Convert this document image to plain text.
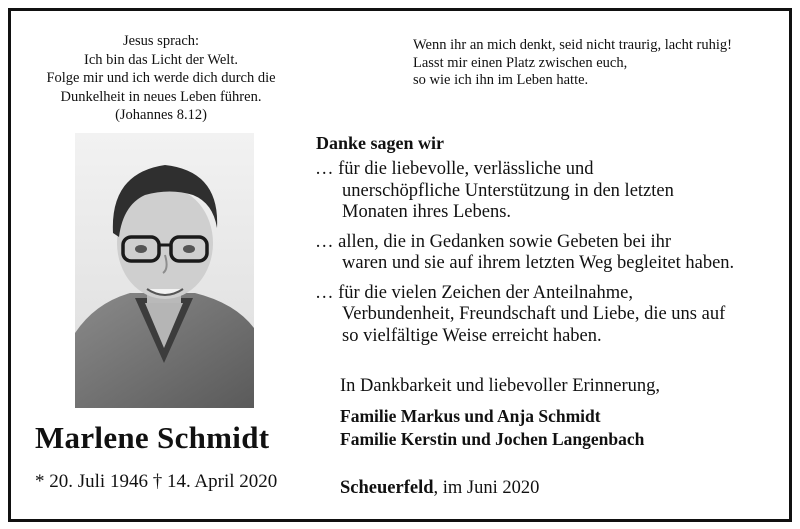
Jesus sprach:
Ich bin das Licht der Welt.
Folge mir und ich werde dich durch die
Dunkelheit in neues Leben führen.
(Johannes 8.12)
Wenn ihr an mich denkt, seid nicht traurig, lacht ruhig!
Lasst mir einen Platz zwischen euch,
so wie ich ihn im Leben hatte.
Marlene Schmidt
* 20. Juli 1946 † 14. April 2020
Danke sagen wir
… für die liebevolle, verlässliche und
unerschöpfliche Unterstützung in den letzten
Monaten ihres Lebens.
… allen, die in Gedanken sowie Gebeten bei ihr
waren und sie auf ihrem letzten Weg begleitet haben.
… für die vielen Zeichen der Anteilnahme,
Verbundenheit, Freundschaft und Liebe, die uns auf
so vielfältige Weise erreicht haben.
In Dankbarkeit und liebevoller Erinnerung,
Familie Markus und Anja Schmidt
Familie Kerstin und Jochen Langenbach
Scheuerfeld, im Juni 2020
